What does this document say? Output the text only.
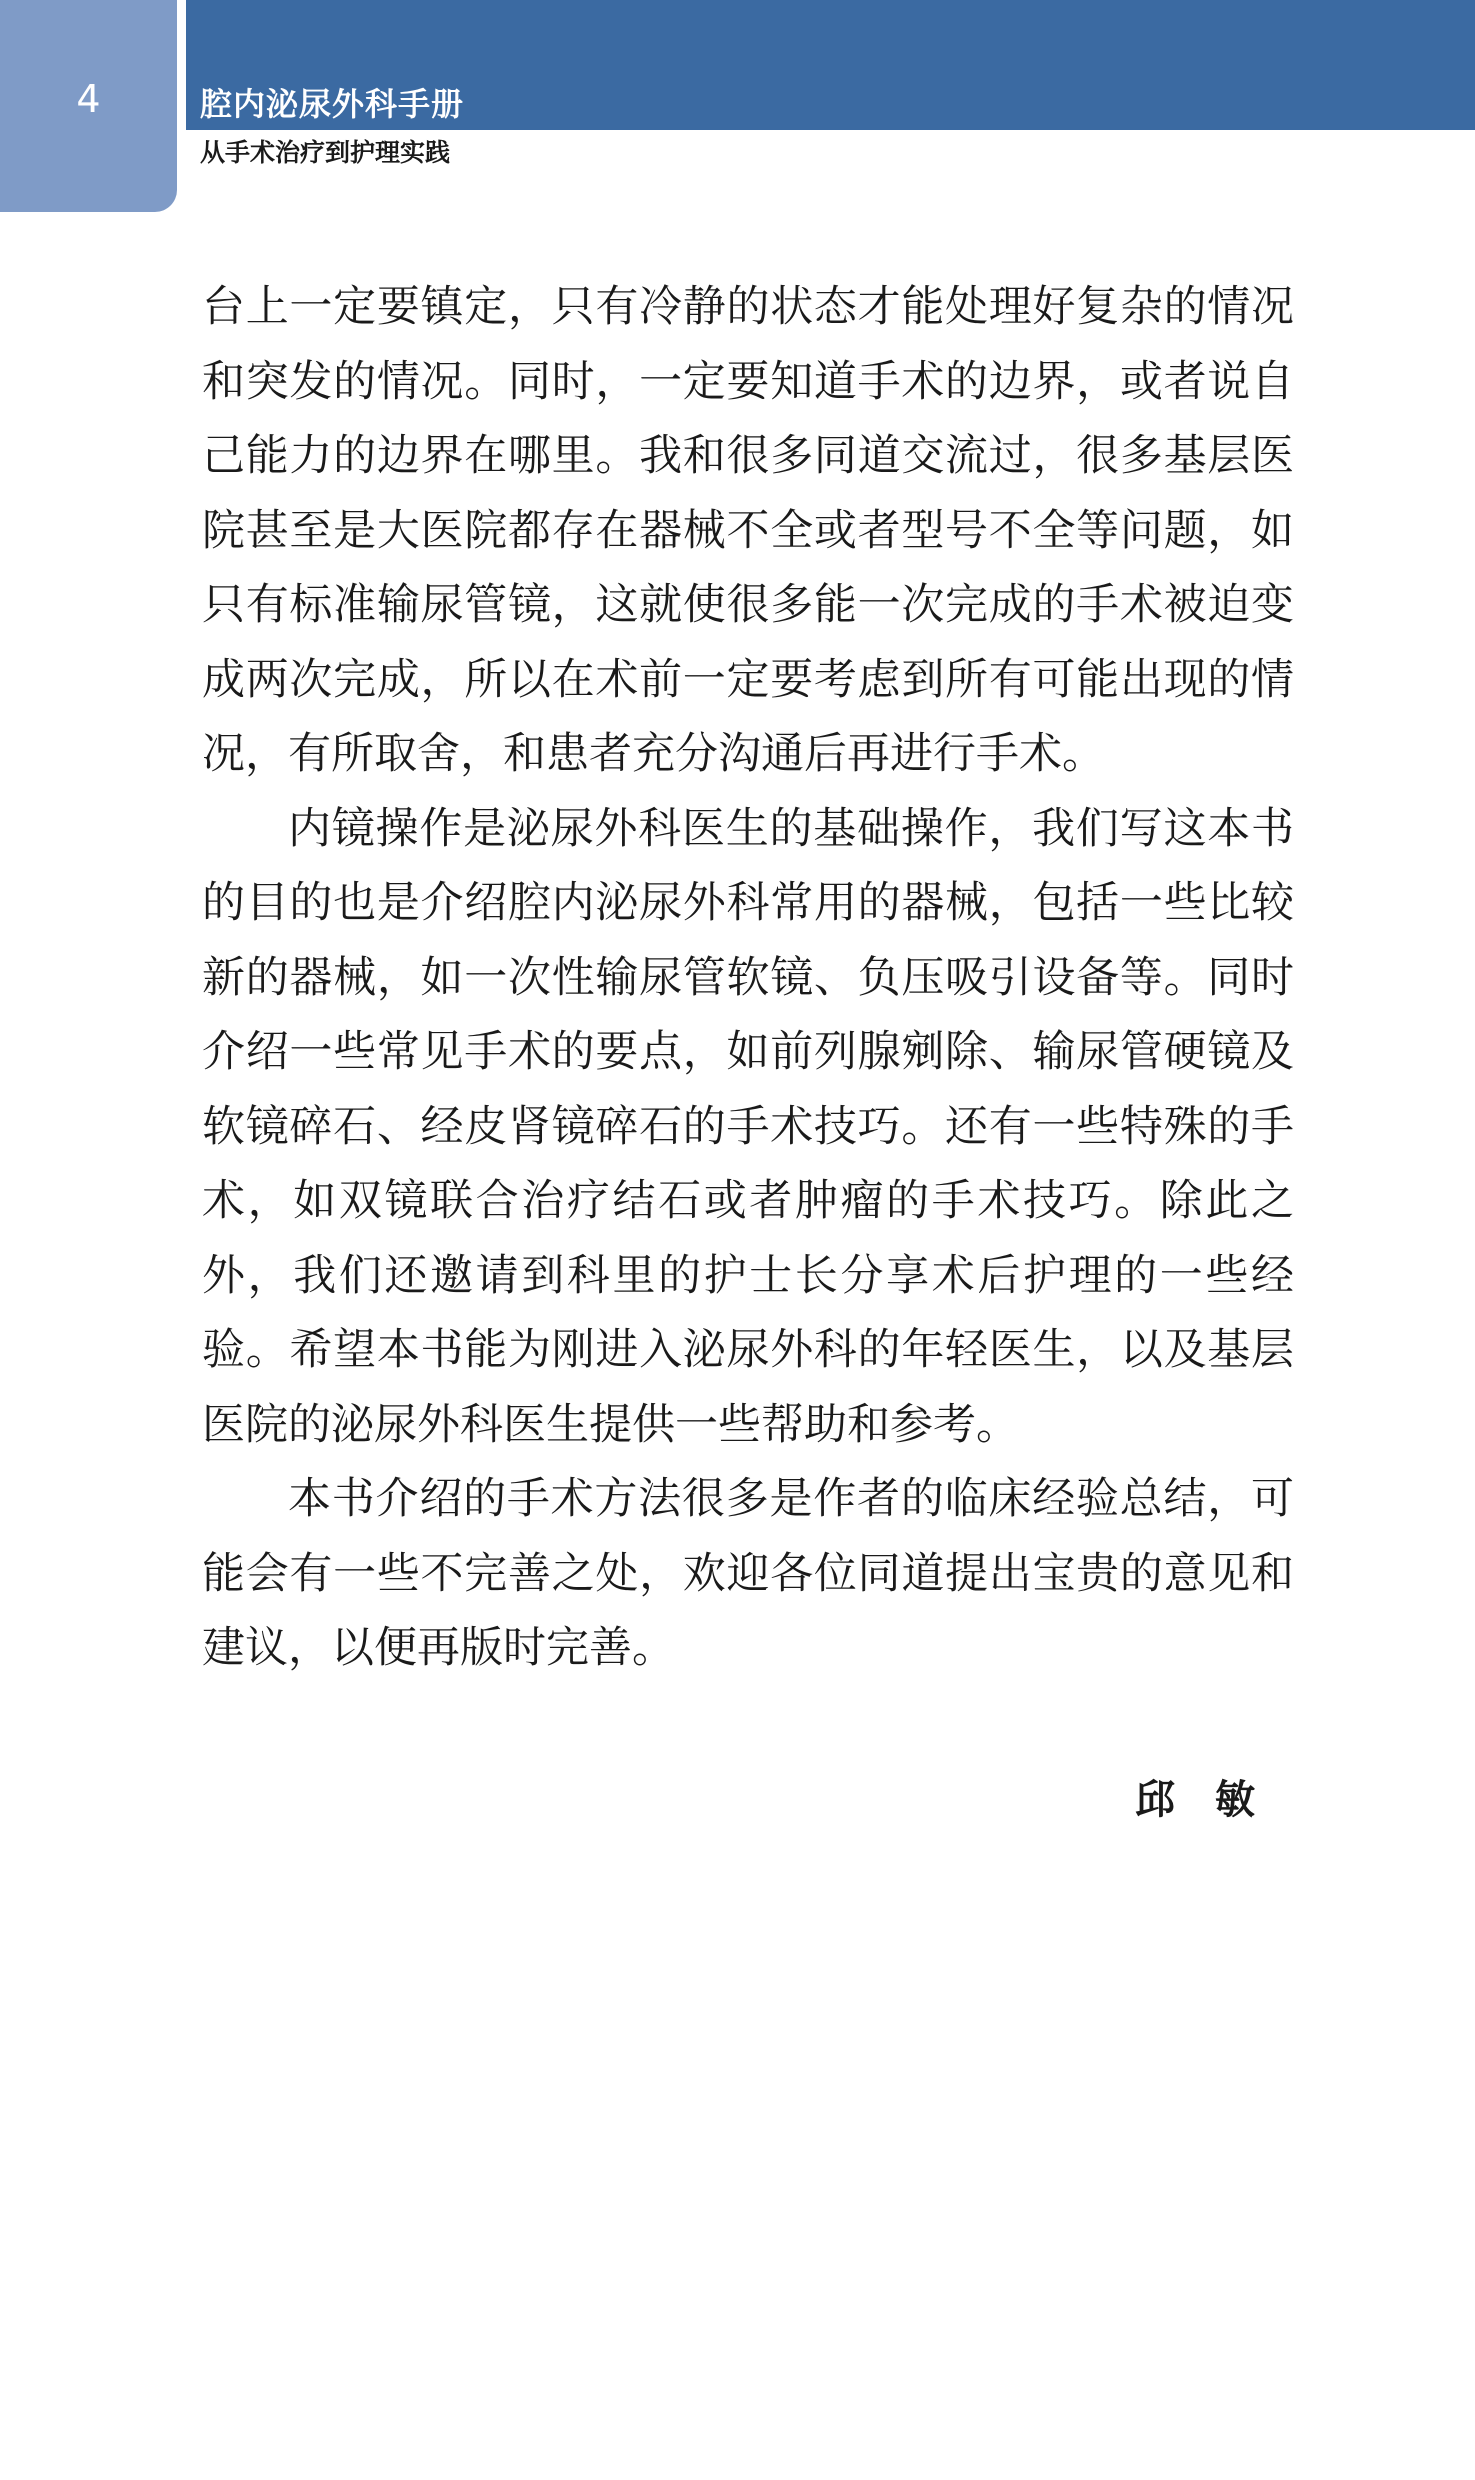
4	腔内泌尿外科手册
从手术治疗到护理实践

台上一定要镇定，只有冷静的状态才能处理好复杂的情况
和突发的情况。同时，一定要知道手术的边界，或者说自
己能力的边界在哪里。我和很多同道交流过，很多基层医
院甚至是大医院都存在器械不全或者型号不全等问题，如
只有标准输尿管镜，这就使很多能一次完成的手术被迫变
成两次完成，所以在术前一定要考虑到所有可能出现的情
况，有所取舍，和患者充分沟通后再进行手术。

内镜操作是泌尿外科医生的基础操作，我们写这本书
的目的也是介绍腔内泌尿外科常用的器械，包括一些比较
新的器械，如一次性输尿管软镜、负压吸引设备等。同时
介绍一些常见手术的要点，如前列腺剜除、输尿管硬镜及
软镜碎石、经皮肾镜碎石的手术技巧。还有一些特殊的手
术，如双镜联合治疗结石或者肿瘤的手术技巧。除此之
外，我们还邀请到科里的护士长分享术后护理的一些经
验。希望本书能为刚进入泌尿外科的年轻医生，以及基层
医院的泌尿外科医生提供一些帮助和参考。

本书介绍的手术方法很多是作者的临床经验总结，可
能会有一些不完善之处，欢迎各位同道提出宝贵的意见和
建议，以便再版时完善。

邱敏
